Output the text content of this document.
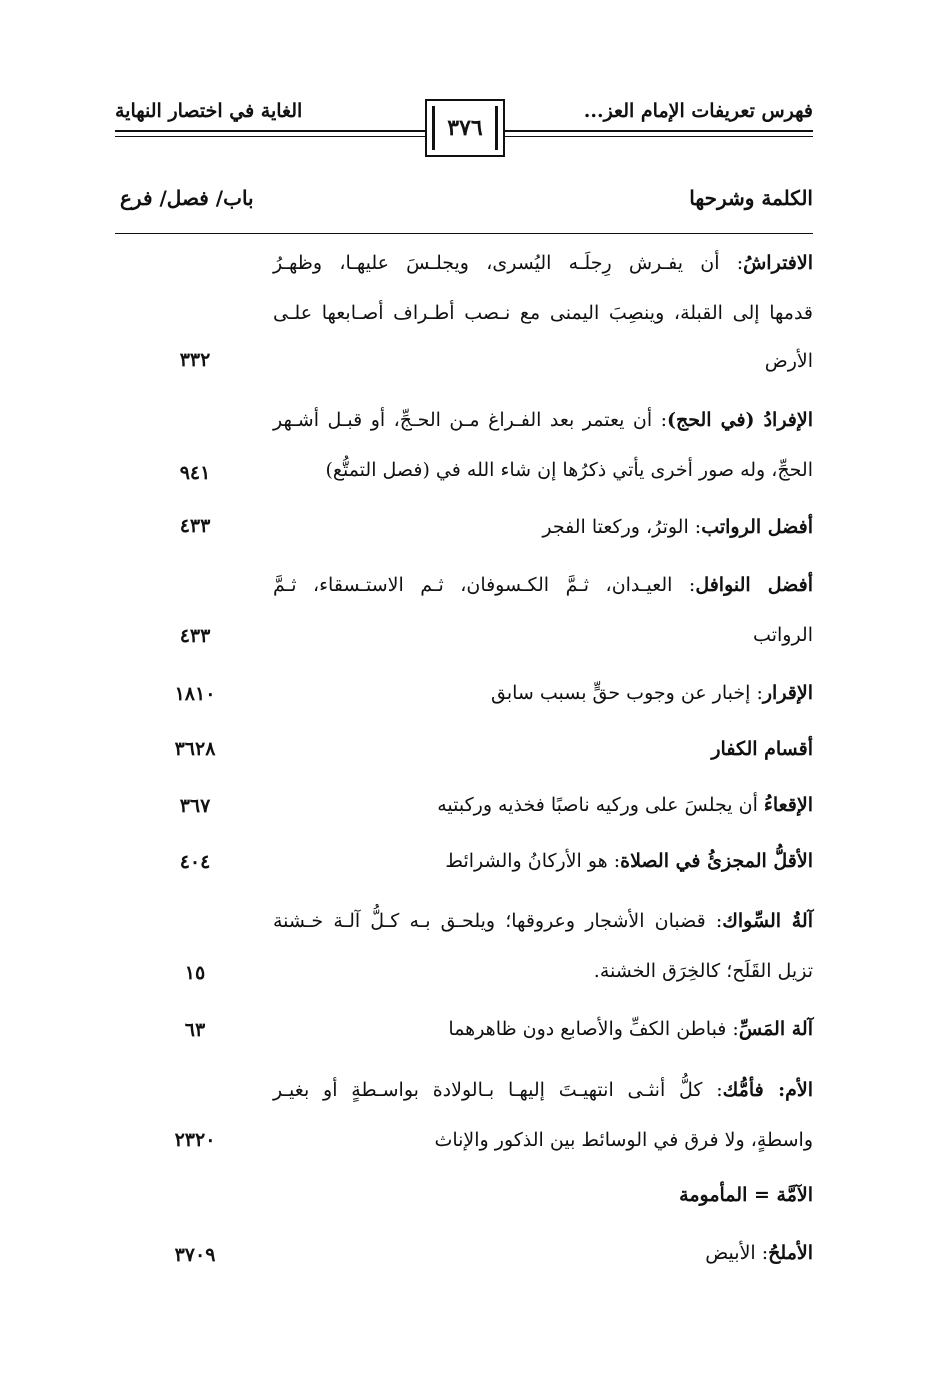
فهرس تعريفات الإمام العز...
الغاية في اختصار النهاية
٣٧٦
الكلمة وشرحها
باب/ فصل/ فرع
الافتراشُ: أن يفـرش رِجلَـه اليُسرى، ويجلـسَ عليهـا، وظهـرُ
قدمها إلى القبلة، وينصِبَ اليمنى مع نـصب أطـراف أصـابعها علـى
الأرض
٣٣٢
الإفرادُ (في الحج): أن يعتمر بعد الفـراغ مـن الحـجِّ، أو قبـل أشـهر
الحجِّ، وله صور أخرى يأتي ذكرُها إن شاء الله في (فصل التمتُّع)
٩٤١
أفضل الرواتب: الوترُ، وركعتا الفجر
٤٣٣
أفضل النوافل: العيـدان، ثـمَّ الكـسوفان، ثـم الاستـسقاء، ثـمَّ
الرواتب
٤٣٣
الإقرار: إخبار عن وجوب حقٍّ بسبب سابق
١٨١٠
أقسام الكفار
٣٦٢٨
الإقعاءُ أن يجلسَ على وركيه ناصبًا فخذيه وركبتيه
٣٦٧
الأقلُّ المجزئُ في الصلاة: هو الأركانُ والشرائط
٤٠٤
آلةُ السِّواك: قضبان الأشجار وعروقها؛ ويلحـق بـه كـلُّ آلـة خـشنة
تزيل القَلَح؛ كالخِرَق الخشنة.
١٥
آلة المَسِّ: فباطن الكفِّ والأصابع دون ظاهرهما
٦٣
الأم: فأمُّك: كلُّ أنثـى انتهيـتَ إليهـا بـالولادة بواسـطةٍ أو بغيـر
واسطةٍ، ولا فرق في الوسائط بين الذكور والإناث
٢٣٢٠
الآمَّة = المأمومة
الأملحُ: الأبيض
٣٧٠٩
